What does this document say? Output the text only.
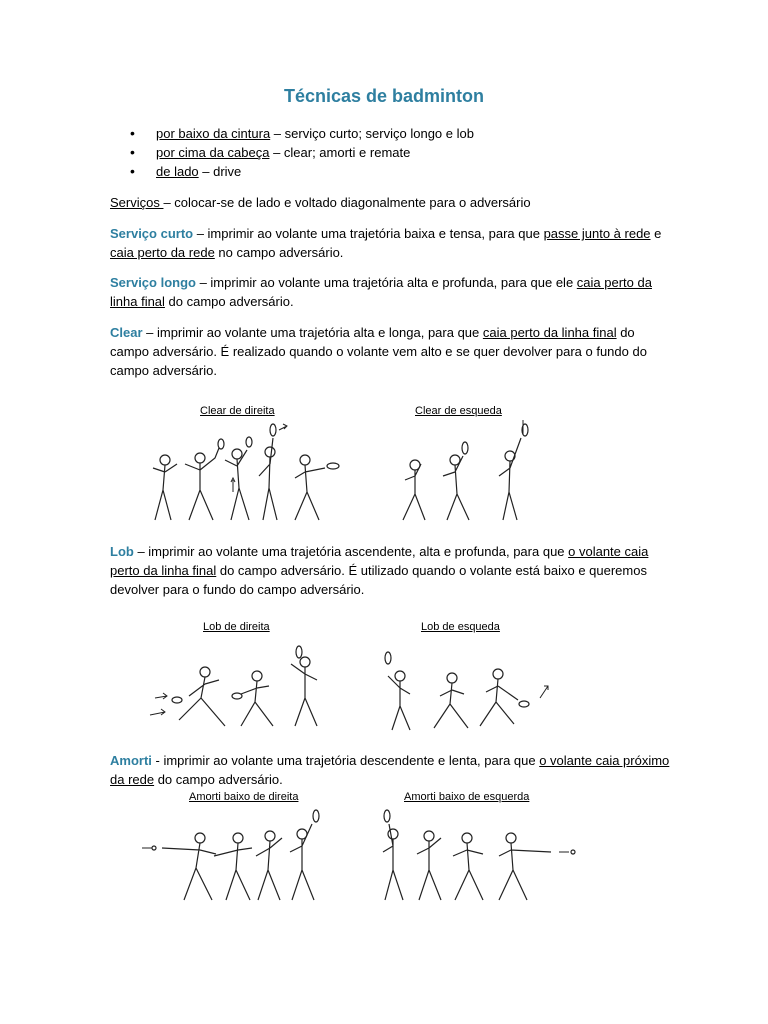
Técnicas de badminton
• por baixo da cintura – serviço curto; serviço longo e lob
• por cima da cabeça – clear; amorti e remate
• de lado – drive

Serviços – colocar-se de lado e voltado diagonalmente para o adversário

Serviço curto – imprimir ao volante uma trajetória baixa e tensa, para que passe junto à rede e caia perto da rede no campo adversário.

Serviço longo – imprimir ao volante uma trajetória alta e profunda, para que ele caia perto da linha final do campo adversário.

Clear – imprimir ao volante uma trajetória alta e longa, para que caia perto da linha final do campo adversário. É realizado quando o volante vem alto e se quer devolver para o fundo do campo adversário.

Clear de direita	Clear de esqueda

Lob – imprimir ao volante uma trajetória ascendente, alta e profunda, para que o volante caia perto da linha final do campo adversário. É utilizado quando o volante está baixo e queremos devolver para o fundo do campo adversário.

Lob de direita	Lob de esqueda

Amorti - imprimir ao volante uma trajetória descendente e lenta, para que o volante caia próximo da rede do campo adversário.

Amorti baixo de direita	Amorti baixo de esquerda
